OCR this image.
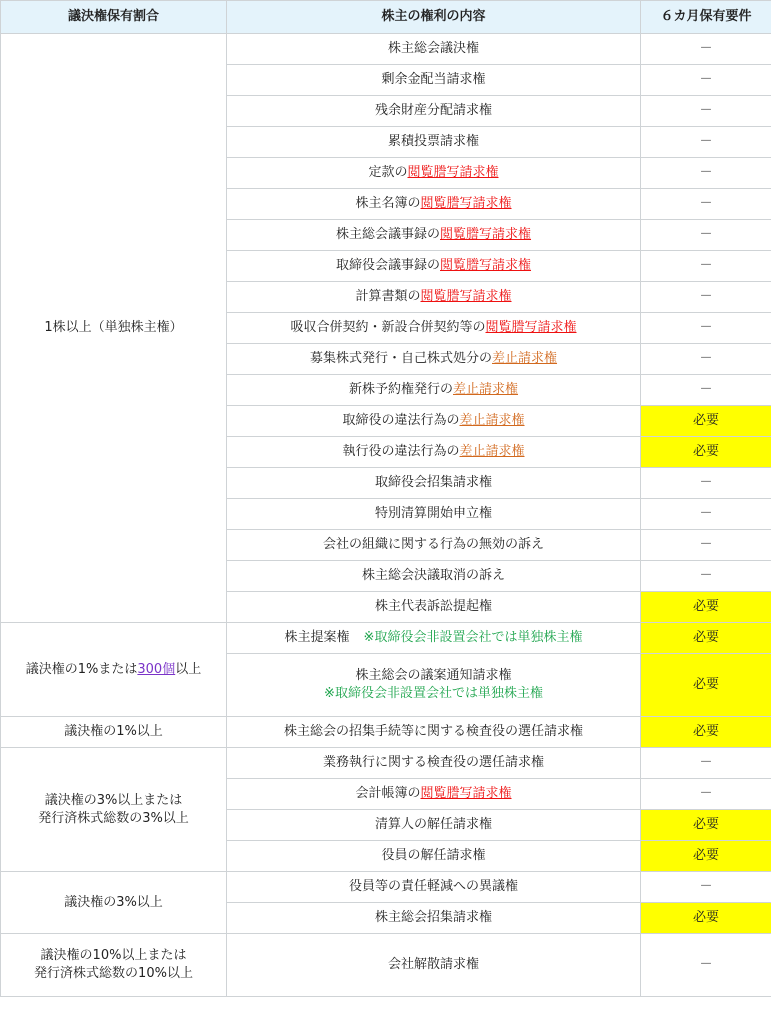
議決権保有割合	株主の権利の内容	６カ月保有要件
1株以上（単独株主権）	株主総会議決権	－
	剰余金配当請求権	－
	残余財産分配請求権	－
	累積投票請求権	－
	定款の閲覧謄写請求権	－
	株主名簿の閲覧謄写請求権	－
	株主総会議事録の閲覧謄写請求権	－
	取締役会議事録の閲覧謄写請求権	－
	計算書類の閲覧謄写請求権	－
	吸収合併契約・新設合併契約等の閲覧謄写請求権	－
	募集株式発行・自己株式処分の差止請求権	－
	新株予約権発行の差止請求権	－
	取締役の違法行為の差止請求権	必要
	執行役の違法行為の差止請求権	必要
	取締役会招集請求権	－
	特別清算開始申立権	－
	会社の組織に関する行為の無効の訴え	－
	株主総会決議取消の訴え	－
	株主代表訴訟提起権	必要
議決権の1%または300個以上	株主提案権 ※取締役会非設置会社では単独株主権	必要

	株主総会の議案通知請求権
※取締役会非設置会社では単独株主権	必要
議決権の1%以上	株主総会の招集手続等に関する検査役の選任請求権	必要

議決権の3%以上または
発行済株式総数の3%以上	業務執行に関する検査役の選任請求権	－
	会計帳簿の閲覧謄写請求権	－
	清算人の解任請求権	必要
	役員の解任請求権	必要
議決権の3%以上	役員等の責任軽減への異議権	－
	株主総会招集請求権	必要

議決権の10%以上または
発行済株式総数の10%以上	会社解散請求権	－
